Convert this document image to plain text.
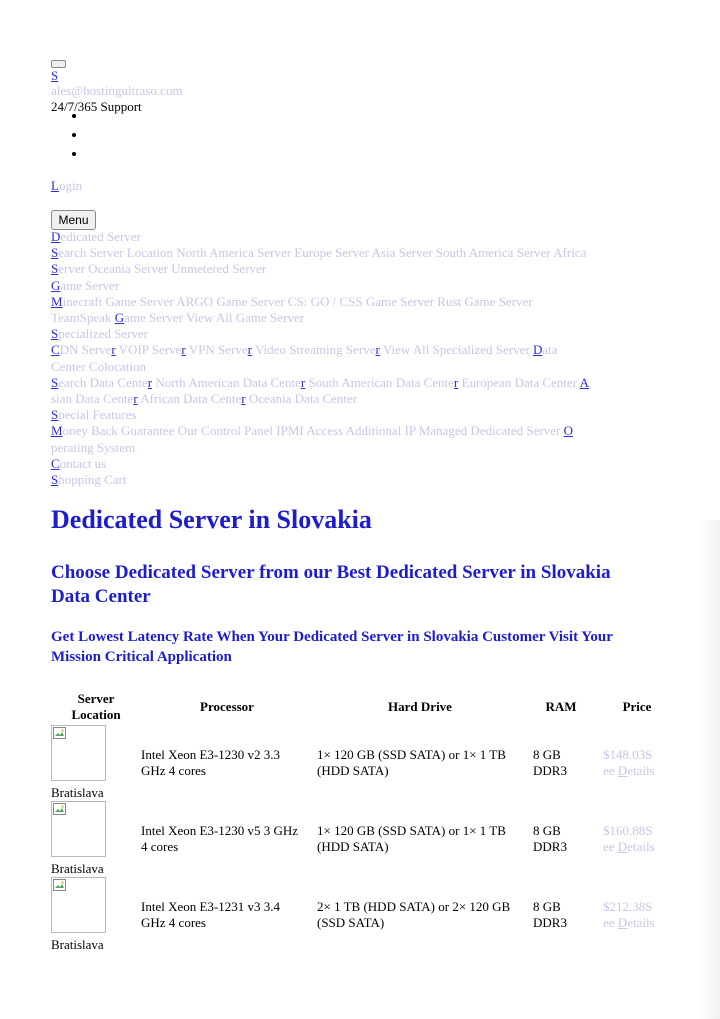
S
ales@hostingultraso.com
24/7/365 Support
Login
Menu
Dedicated Server
Search Server Location North America Server Europe Server Asia Server South America Server Africa
Server Oceania Server Unmetered Server
Game Server
Minecraft Game Server ARGO Game Server CS: GO / CSS Game Server Rust Game Server
TeamSpeak Game Server View All Game Server
Specialized Server
CDN Server VOIP Server VPN Server Video Streaming Server View All Specialized Server Data
Center Colocation
Search Data Center North American Data Center South American Data Center European Data Center A
sian Data Center African Data Center Oceania Data Center
Special Features
Money Back Guarantee Our Control Panel IPMI Access Additional IP Managed Dedicated Server O
perating System
Contact us
Shopping Cart
Dedicated Server in Slovakia
Choose Dedicated Server from our Best Dedicated Server in Slovakia Data Center
Get Lowest Latency Rate When Your Dedicated Server in Slovakia Customer Visit Your Mission Critical Application
Server Location	Processor	Hard Drive	RAM	Price

Bratislava	Intel Xeon E3-1230 v2 3.3 GHz 4 cores	1× 120 GB (SSD SATA) or 1× 1 TB (HDD SATA)	8 GB DDR3	$148.03S
ee Details

Bratislava	Intel Xeon E3-1230 v5 3 GHz 4 cores	1× 120 GB (SSD SATA) or 1× 1 TB (HDD SATA)	8 GB DDR3	$160.88S
ee Details

Bratislava	Intel Xeon E3-1231 v3 3.4 GHz 4 cores	2× 1 TB (HDD SATA) or 2× 120 GB (SSD SATA)	8 GB DDR3	$212.38S
ee Details
